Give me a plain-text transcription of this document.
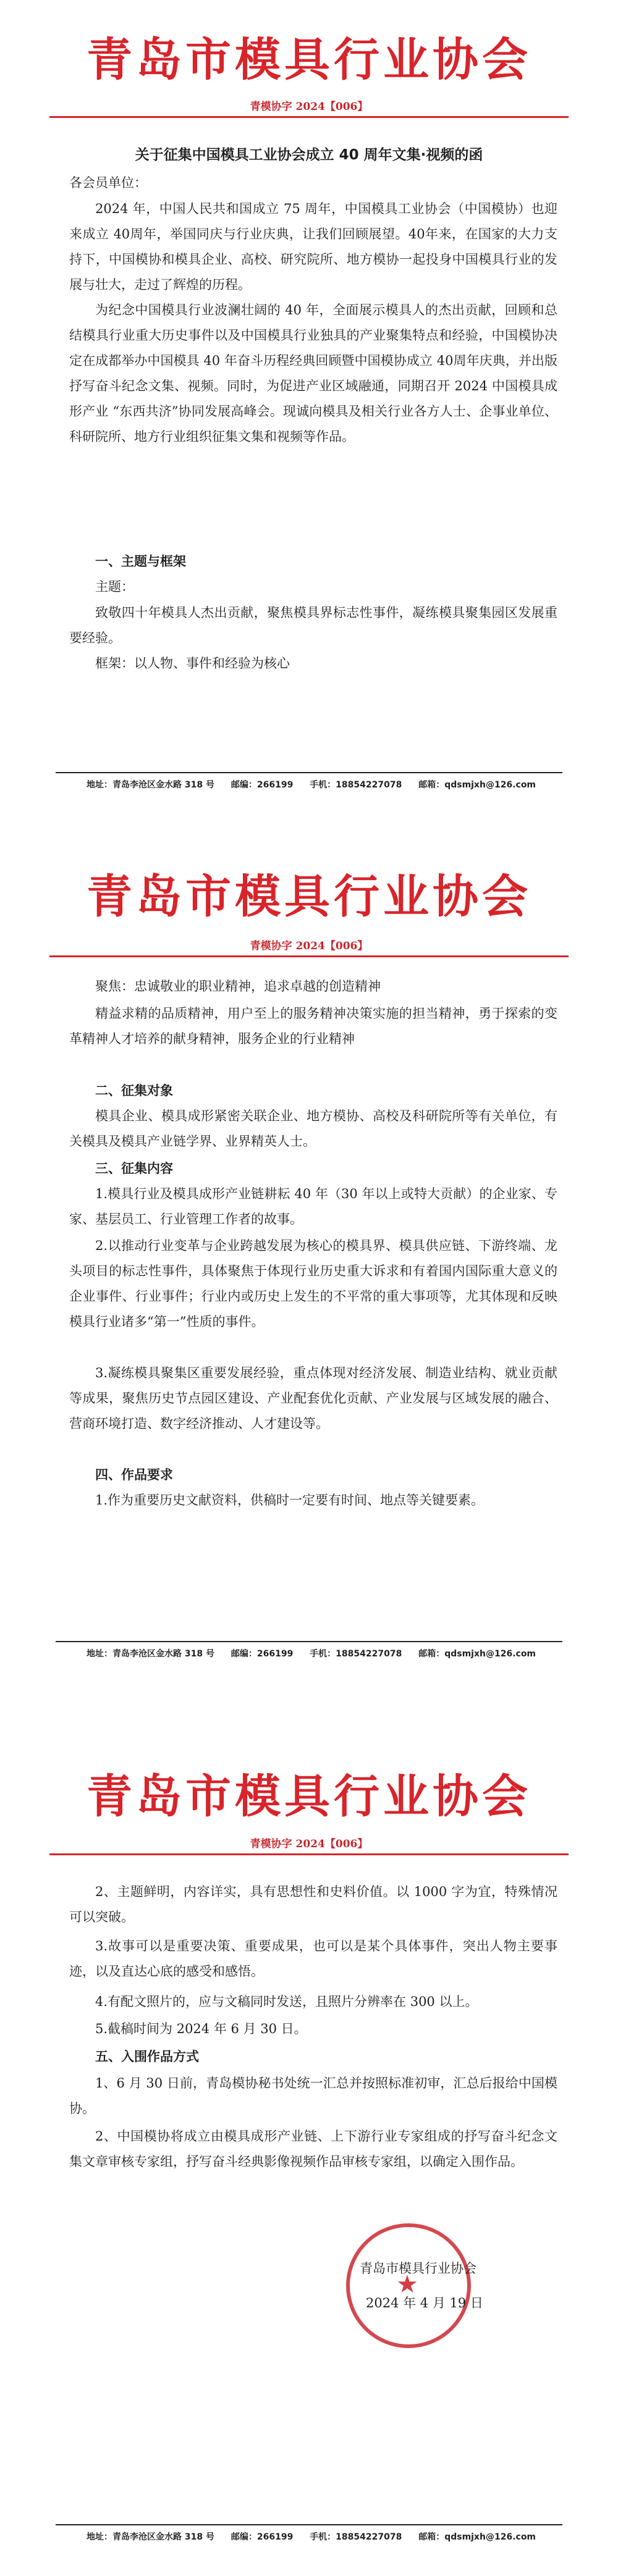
青岛市模具行业协会
青模协字 2024【006】
关于征集中国模具工业协会成立 40 周年文集·视频的函
各会员单位：
2024 年，中国人民共和国成立 75 周年，中国模具工业协会（中国模协）也迎来成立 40周年，举国同庆与行业庆典，让我们回顾展望。40年来，在国家的大力支持下，中国模协和模具企业、高校、研究院所、地方模协一起投身中国模具行业的发展与壮大，走过了辉煌的历程。
为纪念中国模具行业波澜壮阔的 40 年，全面展示模具人的杰出贡献，回顾和总结模具行业重大历史事件以及中国模具行业独具的产业聚集特点和经验，中国模协决定在成都举办中国模具 40 年奋斗历程经典回顾暨中国模协成立 40周年庆典，并出版抒写奋斗纪念文集、视频。同时，为促进产业区域融通，同期召开 2024 中国模具成形产业 “东西共济”协同发展高峰会。现诚向模具及相关行业各方人士、企事业单位、科研院所、地方行业组织征集文集和视频等作品。
一、主题与框架
主题：
致敬四十年模具人杰出贡献，聚焦模具界标志性事件，凝练模具聚集园区发展重要经验。
框架：以人物、事件和经验为核心
地址：青岛李沧区金水路 318 号 邮编：266199 手机：18854227078 邮箱：qdsmjxh@126.com
青岛市模具行业协会
青模协字 2024【006】
聚焦：忠诚敬业的职业精神，追求卓越的创造精神
精益求精的品质精神，用户至上的服务精神决策实施的担当精神，勇于探索的变革精神人才培养的献身精神，服务企业的行业精神
二、征集对象
模具企业、模具成形紧密关联企业、地方模协、高校及科研院所等有关单位，有关模具及模具产业链学界、业界精英人士。
三、征集内容
1.模具行业及模具成形产业链耕耘 40 年（30 年以上或特大贡献）的企业家、专家、基层员工、行业管理工作者的故事。
2.以推动行业变革与企业跨越发展为核心的模具界、模具供应链、下游终端、龙头项目的标志性事件，具体聚焦于体现行业历史重大诉求和有着国内国际重大意义的企业事件、行业事件；行业内或历史上发生的不平常的重大事项等，尤其体现和反映模具行业诸多“第一”性质的事件。
3.凝练模具聚集区重要发展经验，重点体现对经济发展、制造业结构、就业贡献等成果，聚焦历史节点园区建设、产业配套优化贡献、产业发展与区域发展的融合、营商环境打造、数字经济推动、人才建设等。
四、作品要求
1.作为重要历史文献资料，供稿时一定要有时间、地点等关键要素。
地址：青岛李沧区金水路 318 号 邮编：266199 手机：18854227078 邮箱：qdsmjxh@126.com
青岛市模具行业协会
青模协字 2024【006】
2、主题鲜明，内容详实，具有思想性和史料价值。以 1000 字为宜，特殊情况可以突破。
3.故事可以是重要决策、重要成果，也可以是某个具体事件，突出人物主要事迹，以及直达心底的感受和感悟。
4.有配文照片的，应与文稿同时发送，且照片分辨率在 300 以上。
5.截稿时间为 2024 年 6 月 30 日。
五、入围作品方式
1、6 月 30 日前，青岛模协秘书处统一汇总并按照标准初审，汇总后报给中国模协。
2、中国模协将成立由模具成形产业链、上下游行业专家组成的抒写奋斗纪念文集文章审核专家组，抒写奋斗经典影像视频作品审核专家组，以确定入围作品。
★
青岛市模具行业协会
2024 年 4 月 19 日
地址：青岛李沧区金水路 318 号 邮编：266199 手机：18854227078 邮箱：qdsmjxh@126.com
